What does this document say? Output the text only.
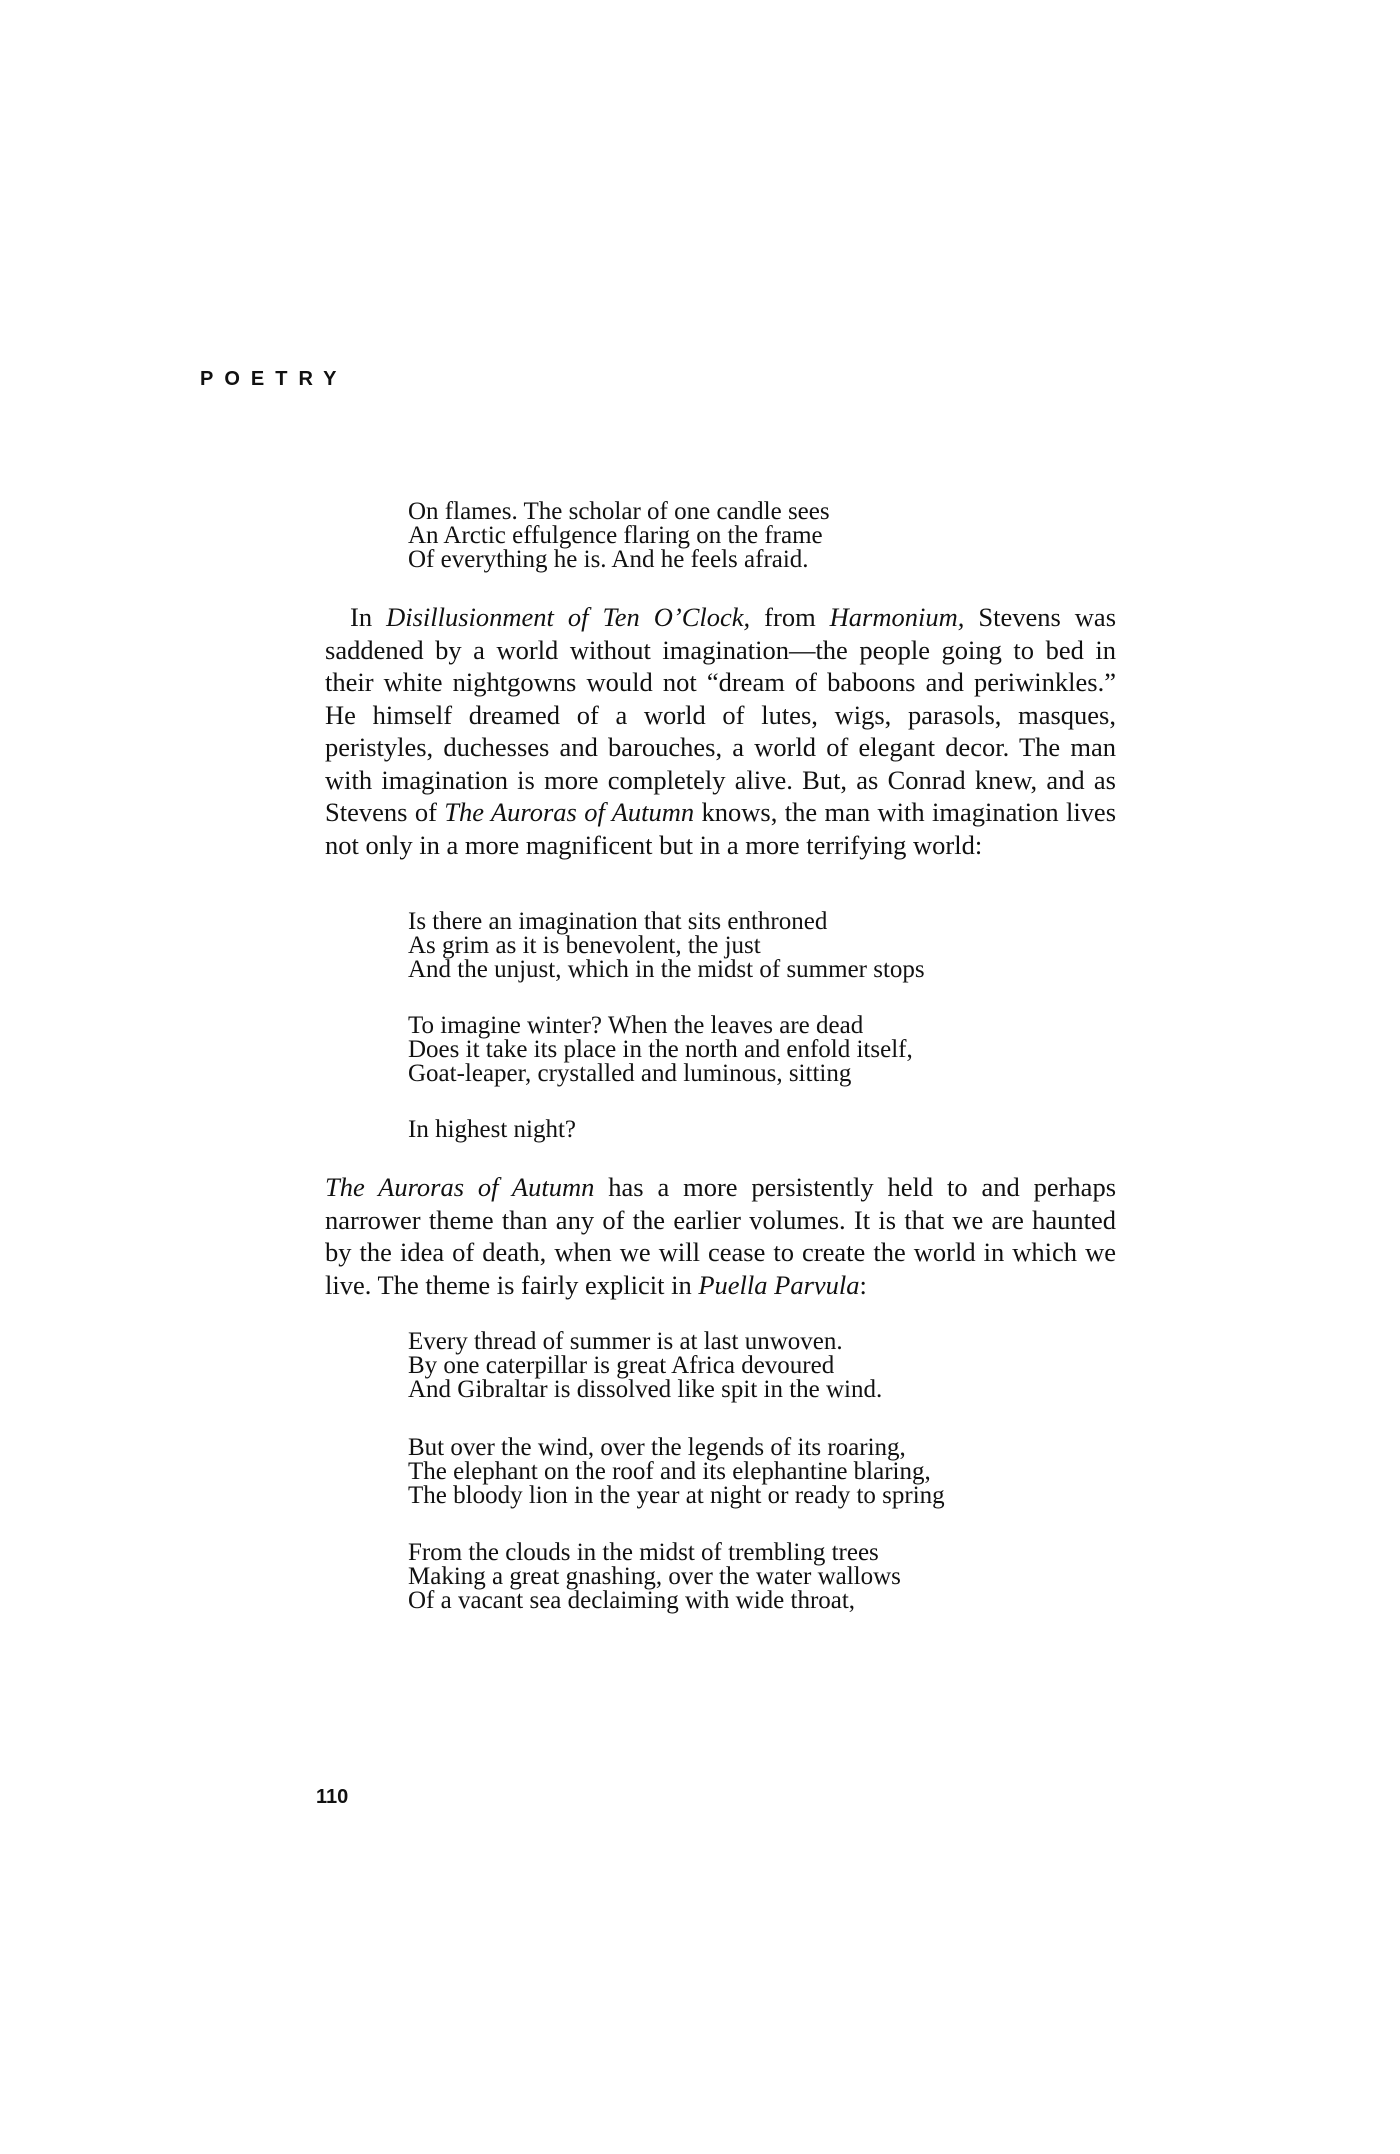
POETRY
On flames. The scholar of one candle sees
An Arctic effulgence flaring on the frame
Of everything he is. And he feels afraid.

In Disillusionment of Ten O’Clock, from Harmonium, Stevens was saddened by a world without imagination—the people going to bed in their white nightgowns would not “dream of baboons and periwinkles.” He himself dreamed of a world of lutes, wigs, parasols, masques, peristyles, duchesses and barouches, a world of elegant decor. The man with imagination is more completely alive. But, as Conrad knew, and as Stevens of The Auroras of Autumn knows, the man with imagination lives not only in a more magnificent but in a more terrifying world:

Is there an imagination that sits enthroned
As grim as it is benevolent, the just
And the unjust, which in the midst of summer stops
To imagine winter? When the leaves are dead
Does it take its place in the north and enfold itself,
Goat-leaper, crystalled and luminous, sitting
In highest night?

The Auroras of Autumn has a more persistently held to and perhaps narrower theme than any of the earlier volumes. It is that we are haunted by the idea of death, when we will cease to create the world in which we live. The theme is fairly explicit in Puella Parvula:

Every thread of summer is at last unwoven.
By one caterpillar is great Africa devoured
And Gibraltar is dissolved like spit in the wind.
But over the wind, over the legends of its roaring,
The elephant on the roof and its elephantine blaring,
The bloody lion in the year at night or ready to spring
From the clouds in the midst of trembling trees
Making a great gnashing, over the water wallows
Of a vacant sea declaiming with wide throat,
110
